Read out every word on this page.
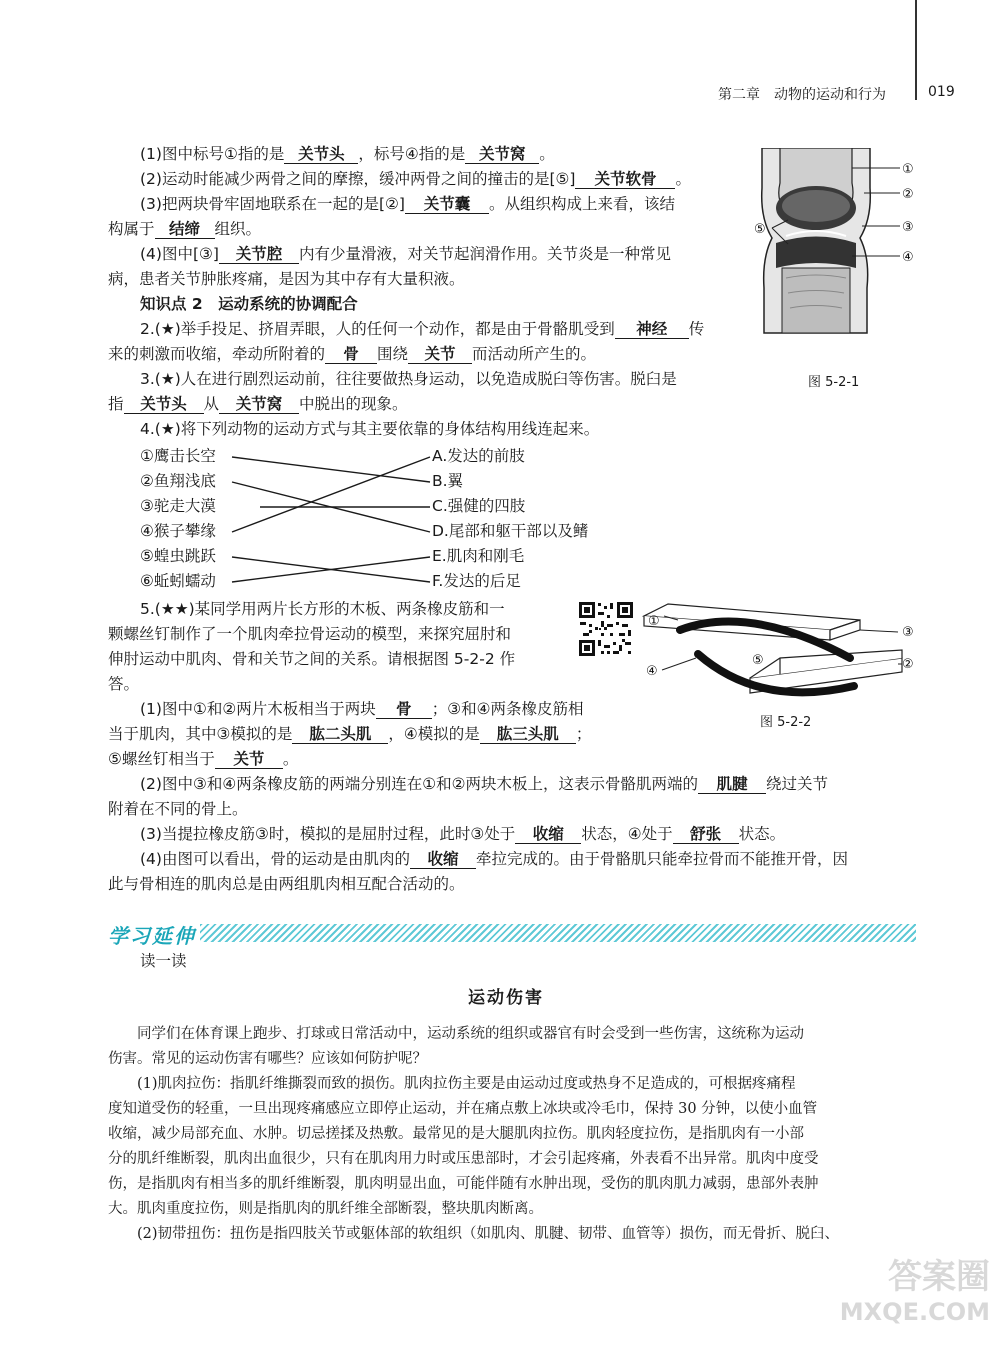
第二章　动物的运动和行为	019
(1)图中标号①指的是 关节头 ，标号④指的是 关节窝 。
(2)运动时能减少两骨之间的摩擦，缓冲两骨之间的撞击的是[⑤] 关节软骨 。
(3)把两块骨牢固地联系在一起的是[②] 关节囊 。从组织构成上来看，该结
构属于 结缔 组织。
(4)图中[③] 关节腔 内有少量滑液，对关节起润滑作用。关节炎是一种常见
病，患者关节肿胀疼痛，是因为其中存有大量积液。
知识点 2　运动系统的协调配合
2.(★)举手投足、挤眉弄眼，人的任何一个动作，都是由于骨骼肌受到 神经 传
来的刺激而收缩，牵动所附着的 骨 围绕 关节 而活动所产生的。
3.(★)人在进行剧烈运动前，往往要做热身运动，以免造成脱臼等伤害。脱臼是
指 关节头 从 关节窝 中脱出的现象。
4.(★)将下列动物的运动方式与其主要依靠的身体结构用线连起来。
①鹰击长空
②鱼翔浅底
③驼走大漠
④猴子攀缘
⑤蝗虫跳跃
⑥蚯蚓蠕动
A.发达的前肢
B.翼
C.强健的四肢
D.尾部和躯干部以及鳍
E.肌肉和刚毛
F.发达的后足
5.(★★)某同学用两片长方形的木板、两条橡皮筋和一
颗螺丝钉制作了一个肌肉牵拉骨运动的模型，来探究屈肘和
伸肘运动中肌肉、骨和关节之间的关系。请根据图 5-2-2 作
答。
(1)图中①和②两片木板相当于两块 骨 ；③和④两条橡皮筋相
当于肌肉，其中③模拟的是 肱二头肌 ，④模拟的是 肱三头肌 ；
⑤螺丝钉相当于 关节 。
(2)图中③和④两条橡皮筋的两端分别连在①和②两块木板上，这表示骨骼肌两端的 肌腱 绕过关节
附着在不同的骨上。
(3)当提拉橡皮筋③时，模拟的是屈肘过程，此时③处于 收缩 状态，④处于 舒张 状态。
(4)由图可以看出，骨的运动是由肌肉的 收缩 牵拉完成的。由于骨骼肌只能牵拉骨而不能推开骨，因
此与骨相连的肌肉总是由两组肌肉相互配合活动的。
①
②
③
④
⑤
图 5-2-1
①
②
③
④
⑤
图 5-2-2
学习延伸
读一读
运动伤害
　　同学们在体育课上跑步、打球或日常活动中，运动系统的组织或器官有时会受到一些伤害，这统称为运动
伤害。常见的运动伤害有哪些？应该如何防护呢？
　　(1)肌肉拉伤：指肌纤维撕裂而致的损伤。肌肉拉伤主要是由运动过度或热身不足造成的，可根据疼痛程
度知道受伤的轻重，一旦出现疼痛感应立即停止运动，并在痛点敷上冰块或冷毛巾，保持 30 分钟，以使小血管
收缩，减少局部充血、水肿。切忌搓揉及热敷。最常见的是大腿肌肉拉伤。肌肉轻度拉伤，是指肌肉有一小部
分的肌纤维断裂，肌肉出血很少，只有在肌肉用力时或压患部时，才会引起疼痛，外表看不出异常。肌肉中度受
伤，是指肌肉有相当多的肌纤维断裂，肌肉明显出血，可能伴随有水肿出现，受伤的肌肉肌力减弱，患部外表肿
大。肌肉重度拉伤，则是指肌肉的肌纤维全部断裂，整块肌肉断离。
　　(2)韧带扭伤：扭伤是指四肢关节或躯体部的软组织（如肌肉、肌腱、韧带、血管等）损伤，而无骨折、脱臼、
答案圈
MXQE.COM
